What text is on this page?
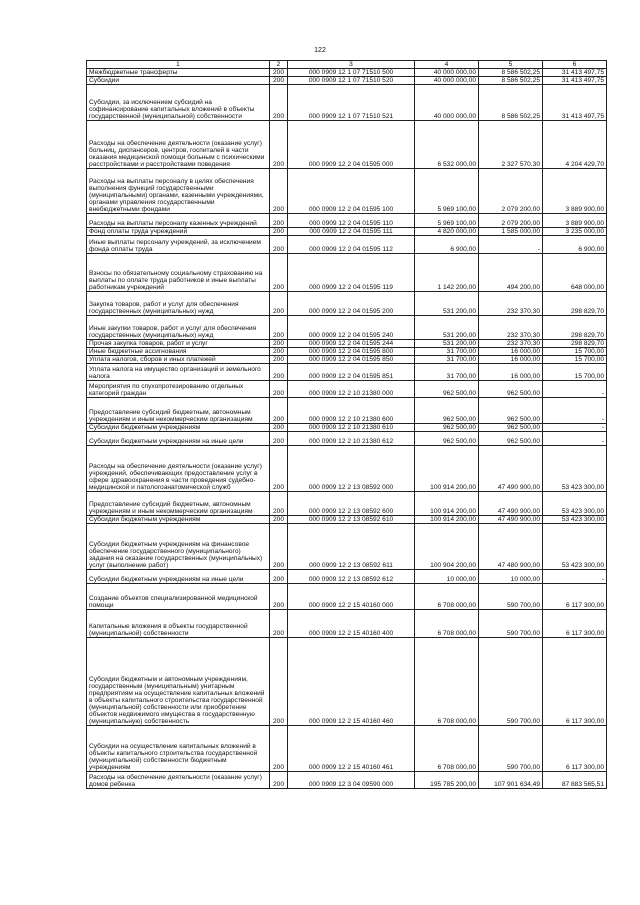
122
1	2	3	4	5	6
Межбюджетные трансферты	200	000 0909 12 1 07 71510 500	40 000 000,00	8 586 502,25	31 413 497,75
Субсидии	200	000 0909 12 1 07 71510 520	40 000 000,00	8 586 502,25	31 413 497,75
Субсидии, за исключением субсидий на софинансирование капитальных вложений в объекты государственной (муниципальной) собственности	200	000 0909 12 1 07 71510 521	40 000 000,00	8 586 502,25	31 413 497,75
Расходы на обеспечение деятельности (оказание услуг) больниц, диспансеров, центров, госпиталей в части оказания медицинской помощи больным с психическими расстройствами и расстройствами поведения	200	000 0909 12 2 04 01595 000	6 532 000,00	2 327 570,30	4 204 429,70
Расходы на выплаты персоналу в целях обеспечения выполнения функций государственными (муниципальными) органами, казенными учреждениями, органами управления государственными внебюджетными фондами	200	000 0909 12 2 04 01595 100	5 969 100,00	2 079 200,00	3 889 900,00
Расходы на выплаты персоналу казенных учреждений	200	000 0909 12 2 04 01595 110	5 969 100,00	2 079 200,00	3 889 900,00
Фонд оплаты труда учреждений	200	000 0909 12 2 04 01595 111	4 820 000,00	1 585 000,00	3 235 000,00
Иные выплаты персоналу учреждений, за исключением фонда оплаты труда	200	000 0909 12 2 04 01595 112	6 900,00	-	6 900,00
Взносы по обязательному социальному страхованию на выплаты по оплате труда работников и иные выплаты работникам учреждений	200	000 0909 12 2 04 01595 119	1 142 200,00	494 200,00	648 000,00
Закупка товаров, работ и услуг для обеспечения государственных (муниципальных) нужд	200	000 0909 12 2 04 01595 200	531 200,00	232 370,30	298 829,70
Иные закупки товаров, работ и услуг для обеспечения государственных (муниципальных) нужд	200	000 0909 12 2 04 01595 240	531 200,00	232 370,30	298 829,70
Прочая закупка товаров, работ и услуг	200	000 0909 12 2 04 01595 244	531 200,00	232 370,30	298 829,70
Иные бюджетные ассигнования	200	000 0909 12 2 04 01595 800	31 700,00	16 000,00	15 700,00
Уплата налогов, сборов и иных платежей	200	000 0909 12 2 04 01595 850	31 700,00	16 000,00	15 700,00
Уплата налога на имущество организаций и земельного налога	200	000 0909 12 2 04 01595 851	31 700,00	16 000,00	15 700,00
Мероприятия по спухопротезированию отдельных категорий граждан	200	000 0909 12 2 10 21380 000	962 500,00	962 500,00	-
Предоставление субсидий бюджетным, автономным учреждениям и иным некоммерческим организациям	200	000 0909 12 2 10 21380 600	962 500,00	962 500,00	-
Субсидии бюджетным учреждениям	200	000 0909 12 2 10 21380 610	962 500,00	962 500,00	-
Субсидии бюджетным учреждениям на иные цели	200	000 0909 12 2 10 21380 612	962 500,00	962 500,00	-
Расходы на обеспечение деятельности (оказание услуг) учреждений, обеспечивающих предоставление услуг в сфере здравоохранения в части проведения судебно-медицинской и патологоанатомической служб	200	000 0909 12 2 13 08592 000	100 914 200,00	47 490 900,00	53 423 300,00
Предоставление субсидий бюджетным, автономным учреждениям и иным некоммерческим организациям	200	000 0909 12 2 13 08592 600	100 914 200,00	47 490 900,00	53 423 300,00
Субсидии бюджетным учреждениям	200	000 0909 12 2 13 08592 610	100 914 200,00	47 490 900,00	53 423 300,00
Субсидии бюджетным учреждениям на финансовое обеспечение государственного (муниципального) задания на оказание государственных (муниципальных) услуг (выполнение работ)	200	000 0909 12 2 13 08592 611	100 904 200,00	47 480 900,00	53 423 300,00
Субсидии бюджетным учреждениям на иные цели	200	000 0909 12 2 13 08592 612	10 000,00	10 000,00	-
Создание объектов специализированной медицинской помощи	200	000 0909 12 2 15 40160 000	6 708 000,00	590 700,00	6 117 300,00
Капитальные вложения в объекты государственной (муниципальной) собственности	200	000 0909 12 2 15 40160 400	6 708 000,00	590 700,00	6 117 300,00
Субсидии бюджетным и автономным учреждениям, государственным (муниципальным) унитарным предприятиям на осуществление капитальных вложений в объекты капитального строительства государственной (муниципальной) собственности или приобретение объектов недвижимого имущества в государственную (муниципальную) собственность	200	000 0909 12 2 15 40160 460	6 708 000,00	590 700,00	6 117 300,00
Субсидии на осуществление капитальных вложений в объекты капитального строительства государственной (муниципальной) собственности бюджетным учреждениям	200	000 0909 12 2 15 40160 461	6 708 000,00	590 700,00	6 117 300,00
Расходы на обеспечение деятельности (оказание услуг) домов ребенка	200	000 0909 12 3 04 09590 000	195 785 200,00	107 901 634,49	87 883 565,51
